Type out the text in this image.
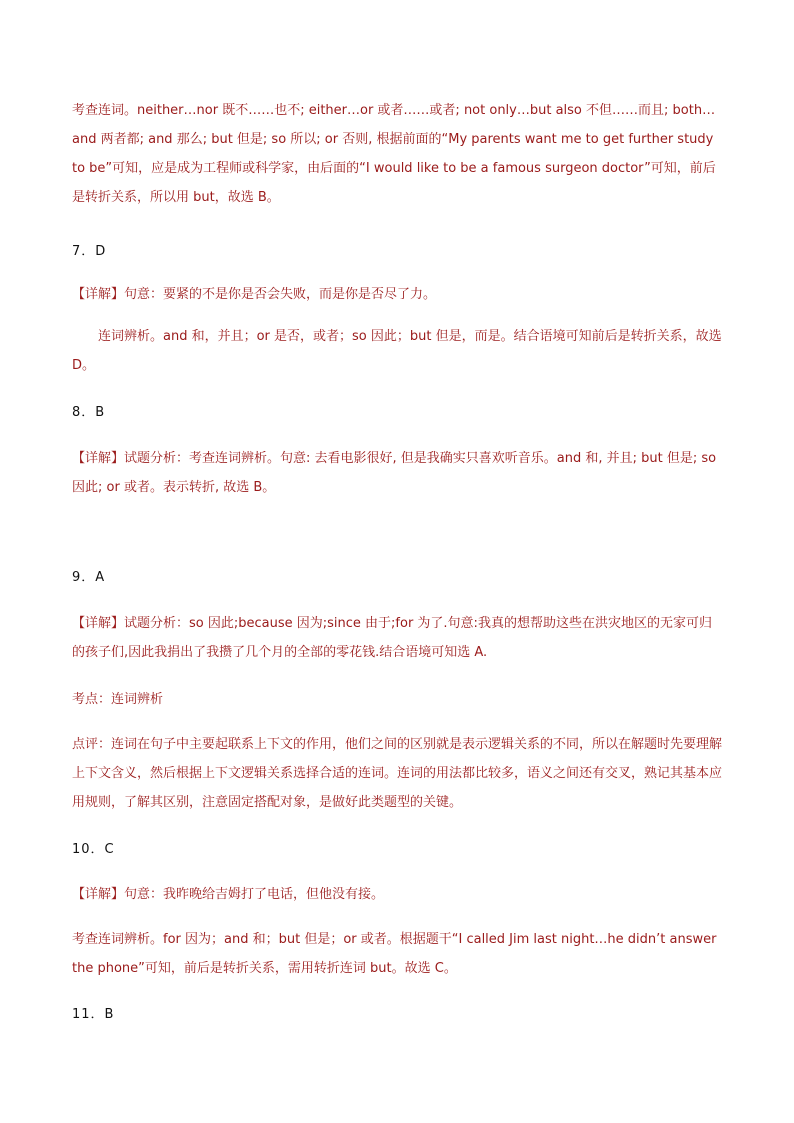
考查连词。neither…nor 既不……也不; either…or 或者……或者; not only…but also 不但……而且; both…and 两者都; and 那么; but 但是; so 所以; or 否则, 根据前面的“My parents want me to get further study to be”可知，应是成为工程师或科学家，由后面的“I would like to be a famous surgeon doctor”可知，前后是转折关系，所以用 but，故选 B。

7．D

【详解】句意：要紧的不是你是否会失败，而是你是否尽了力。

连词辨析。and 和，并且；or 是否，或者；so 因此；but 但是，而是。结合语境可知前后是转折关系，故选 D。

8．B

【详解】试题分析：考查连词辨析。句意: 去看电影很好, 但是我确实只喜欢听音乐。and 和, 并且; but 但是; so 因此; or 或者。表示转折, 故选 B。

9．A

【详解】试题分析：so 因此;because 因为;since 由于;for 为了.句意:我真的想帮助这些在洪灾地区的无家可归的孩子们,因此我捐出了我攒了几个月的全部的零花钱.结合语境可知选 A.

考点：连词辨析

点评：连词在句子中主要起联系上下文的作用，他们之间的区别就是表示逻辑关系的不同，所以在解题时先要理解上下文含义，然后根据上下文逻辑关系选择合适的连词。连词的用法都比较多，语义之间还有交叉，熟记其基本应用规则，了解其区别，注意固定搭配对象，是做好此类题型的关键。

10．C

【详解】句意：我昨晚给吉姆打了电话，但他没有接。

考查连词辨析。for 因为；and 和；but 但是；or 或者。根据题干“I called Jim last night…he didn’t answer the phone”可知，前后是转折关系，需用转折连词 but。故选 C。

11．B
